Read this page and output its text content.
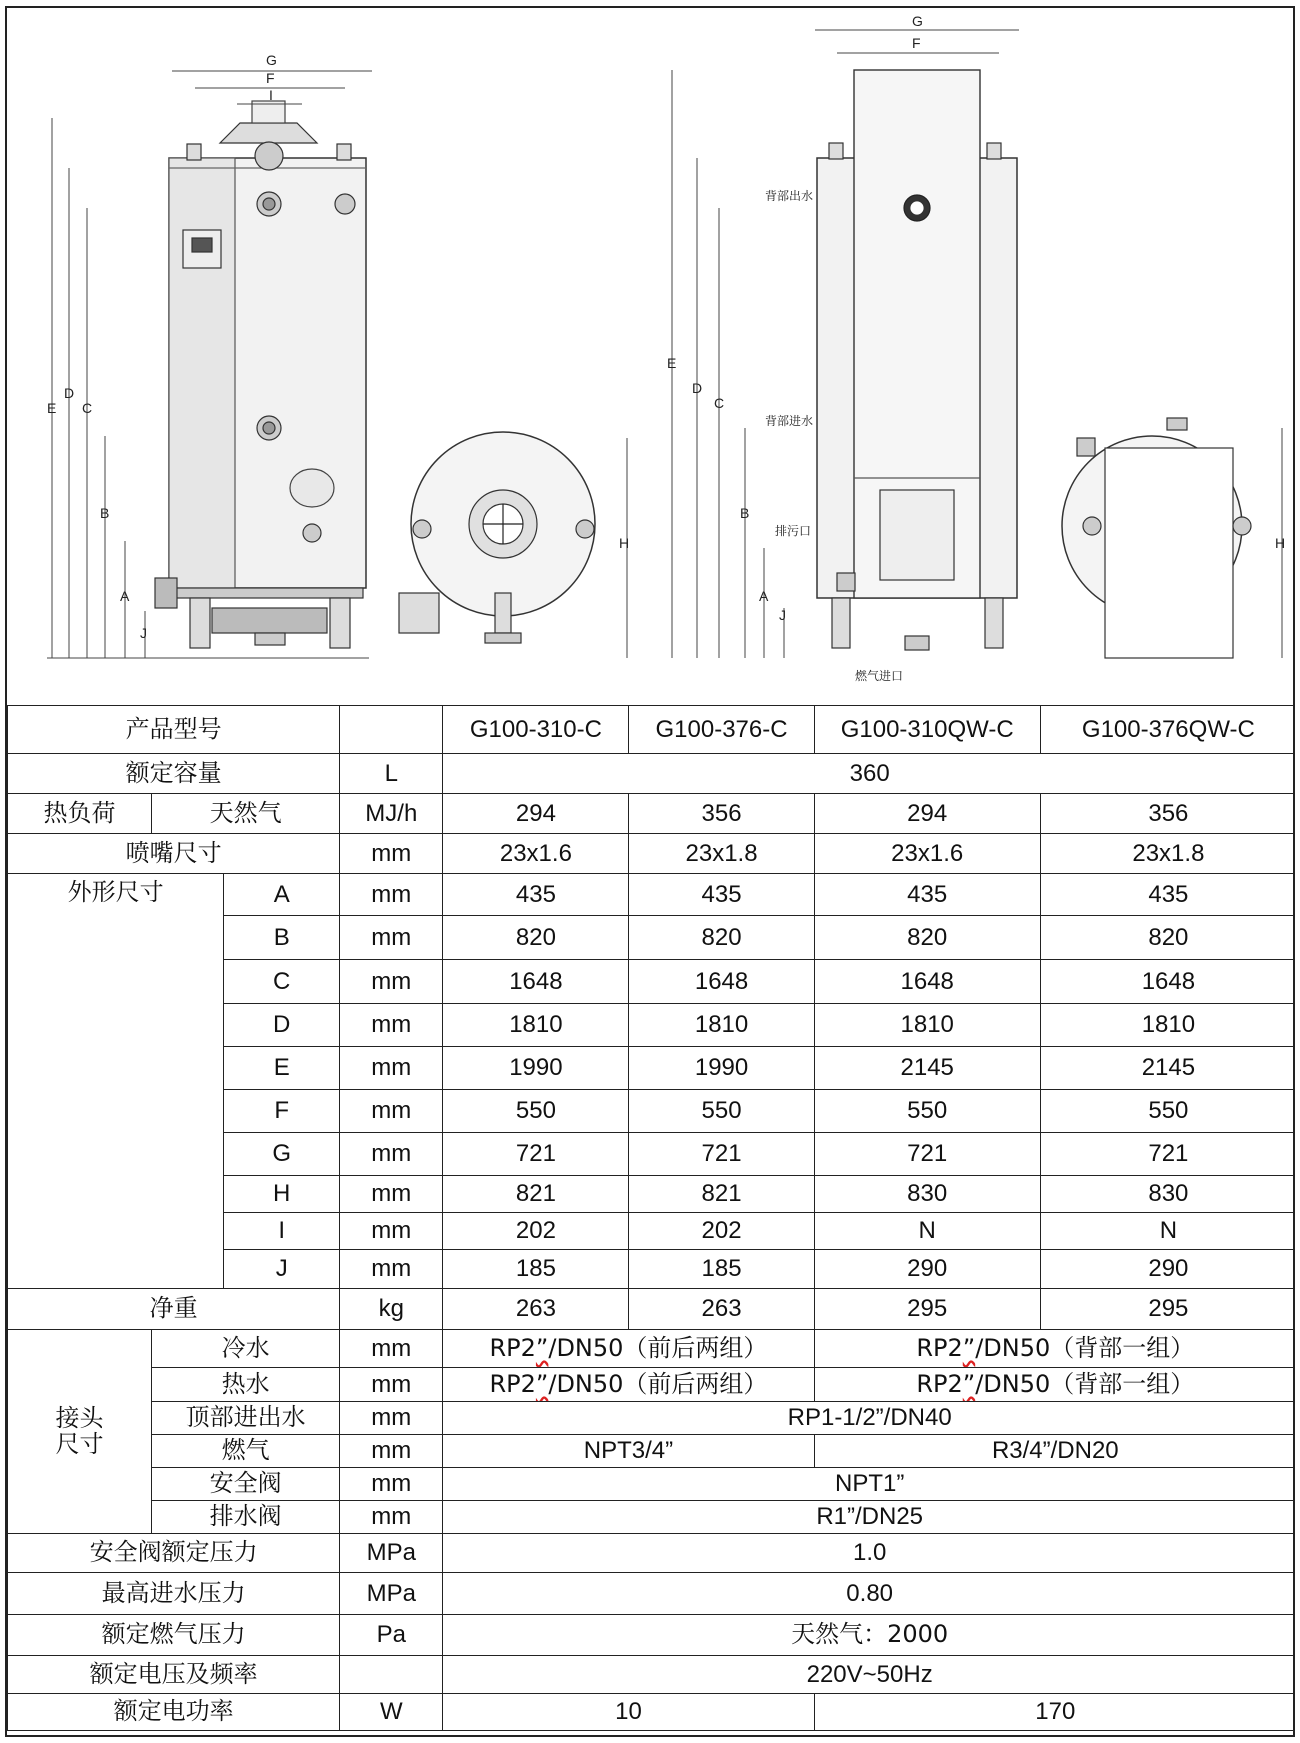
E
D
C
B
A
J
G
F
I
H
E
D
C
B
A
J
G
F
H
背部出水
背部进水
排污口
燃气进口
产品型号				G100-310-C	G100-376-C	G100-310QW-C	G100-376QW-C
额定容量			L	360			
热负荷	天然气		MJ/h	294	356	294	356
喷嘴尺寸			mm	23x1.6	23x1.8	23x1.6	23x1.8
外形尺寸		A	mm	435	435	435	435
		B	mm	820	820	820	820
		C	mm	1648	1648	1648	1648
		D	mm	1810	1810	1810	1810
		E	mm	1990	1990	2145	2145
		F	mm	550	550	550	550
		G	mm	721	721	721	721
		H	mm	821	821	830	830
		I	mm	202	202	N	N
		J	mm	185	185	290	290
净重			kg	263	263	295	295
接头
尺寸	冷水		mm	RP2”/DN50（前后两组）		RP2”/DN50（背部一组）	
	热水		mm	RP2”/DN50（前后两组）		RP2”/DN50（背部一组）	
	顶部进出水		mm	RP1-1/2”/DN40			
	燃气		mm	NPT3/4”		R3/4”/DN20	
	安全阀		mm	NPT1”			
	排水阀		mm	R1”/DN25			
安全阀额定压力			MPa	1.0			
最高进水压力			MPa	0.80			
额定燃气压力			Pa	天然气：2000			
额定电压及频率				220V~50Hz			
额定电功率			W	10		170	
